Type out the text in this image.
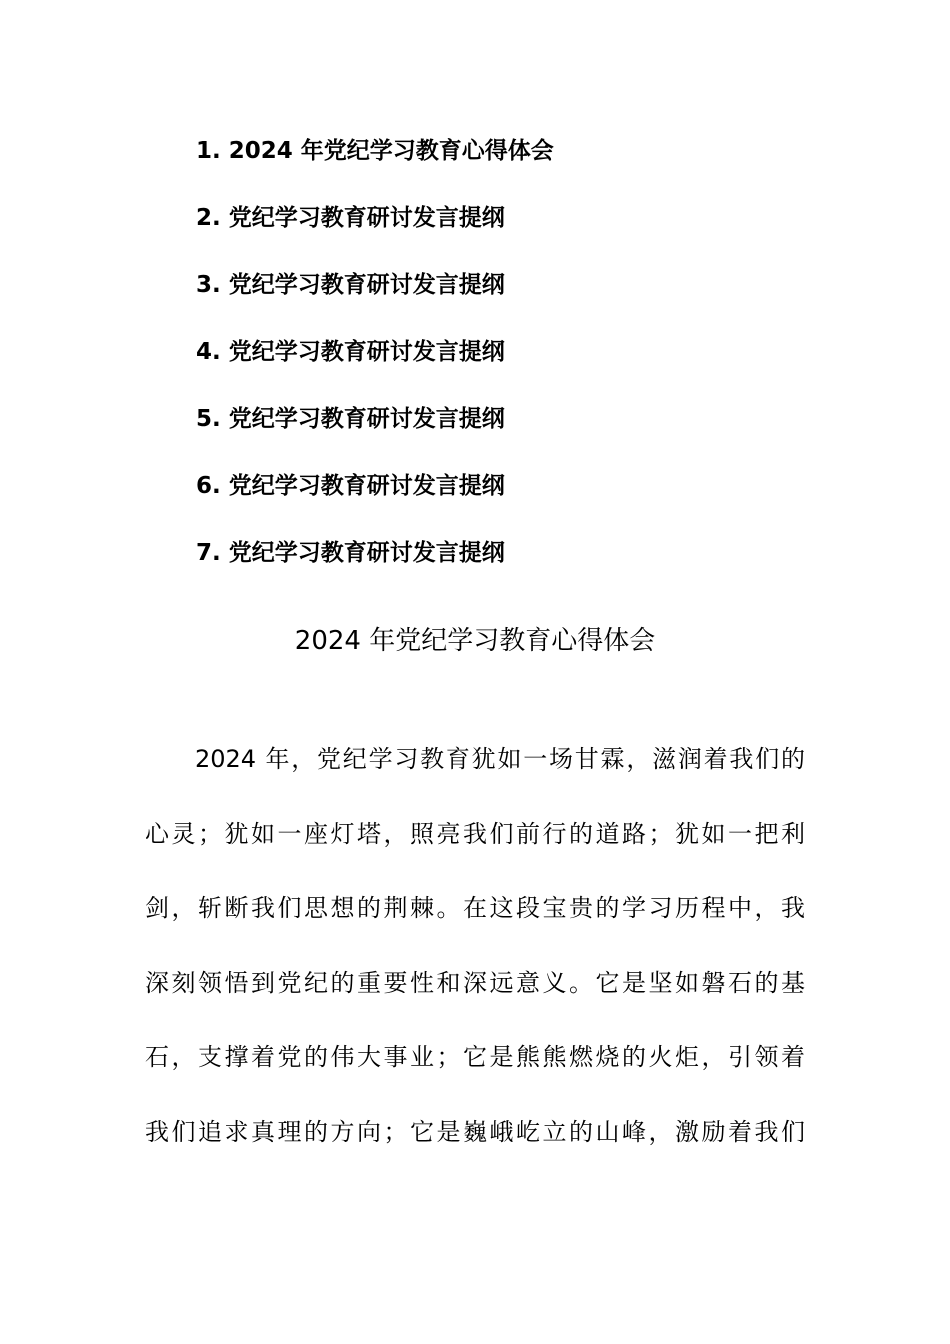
1. 2024 年党纪学习教育心得体会
2. 党纪学习教育研讨发言提纲
3. 党纪学习教育研讨发言提纲
4. 党纪学习教育研讨发言提纲
5. 党纪学习教育研讨发言提纲
6. 党纪学习教育研讨发言提纲
7. 党纪学习教育研讨发言提纲
2024 年党纪学习教育心得体会
2024 年，党纪学习教育犹如一场甘霖，滋润着我们的
心灵；犹如一座灯塔，照亮我们前行的道路；犹如一把利
剑，斩断我们思想的荆棘。在这段宝贵的学习历程中，我
深刻领悟到党纪的重要性和深远意义。它是坚如磐石的基
石，支撑着党的伟大事业；它是熊熊燃烧的火炬，引领着
我们追求真理的方向；它是巍峨屹立的山峰，激励着我们
